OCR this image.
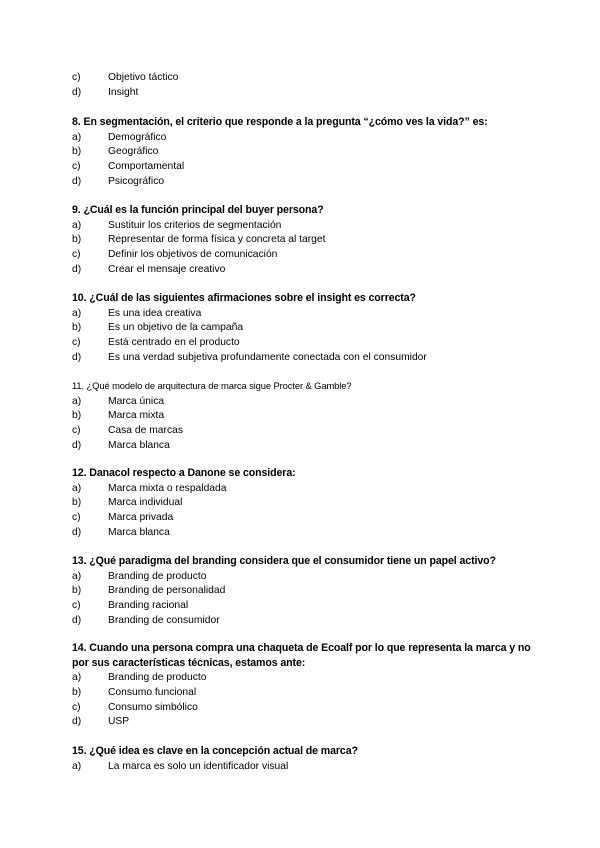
c)	Objetivo táctico
d)	Insight

8. En segmentación, el criterio que responde a la pregunta “¿cómo ves la vida?” es:

a)	Demográfico
b)	Geográfico
c)	Comportamental
d)	Psicográfico

9. ¿Cuál es la función principal del buyer persona?

a)	Sustituir los criterios de segmentación
b)	Representar de forma física y concreta al target
c)	Definir los objetivos de comunicación
d)	Crear el mensaje creativo

10. ¿Cuál de las siguientes afirmaciones sobre el insight es correcta?

a)	Es una idea creativa
b)	Es un objetivo de la campaña
c)	Está centrado en el producto
d)	Es una verdad subjetiva profundamente conectada con el consumidor

11. ¿Qué modelo de arquitectura de marca sigue Procter & Gamble?

a)	Marca única
b)	Marca mixta
c)	Casa de marcas
d)	Marca blanca

12. Danacol respecto a Danone se considera:

a)	Marca mixta o respaldada
b)	Marca individual
c)	Marca privada
d)	Marca blanca

13. ¿Qué paradigma del branding considera que el consumidor tiene un papel activo?

a)	Branding de producto
b)	Branding de personalidad
c)	Branding racional
d)	Branding de consumidor

14. Cuando una persona compra una chaqueta de Ecoalf por lo que representa la marca y no por sus características técnicas, estamos ante:

a)	Branding de producto
b)	Consumo funcional
c)	Consumo simbólico
d)	USP

15. ¿Qué idea es clave en la concepción actual de marca?

a)	La marca es solo un identificador visual
